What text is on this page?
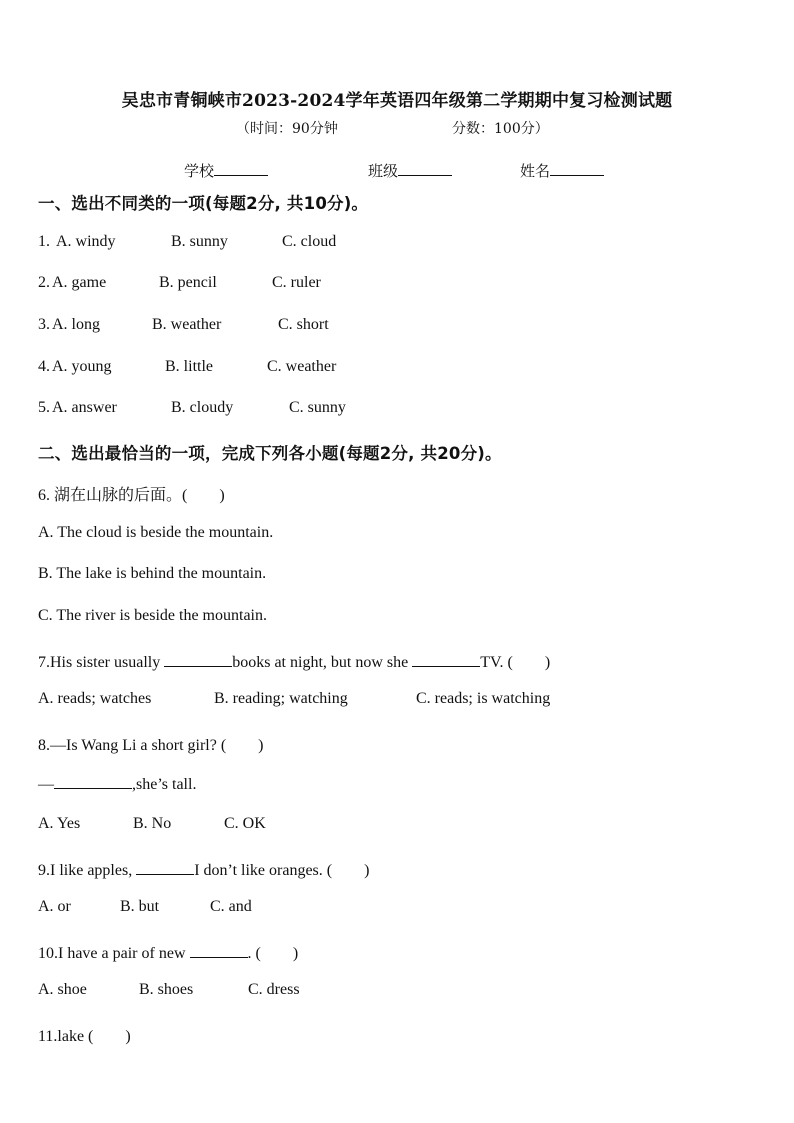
吴忠市青铜峡市2023-2024学年英语四年级第二学期期中复习检测试题
（时间：90分钟	分数：100分）
学校	班级	姓名
一、选出不同类的一项(每题2分, 共10分)。
1. A. windy	B. sunny	C. cloud
2. A. game	B. pencil	C. ruler
3. A. long	B. weather	C. short
4. A. young	B. little	C. weather
5. A. answer	B. cloudy	C. sunny
二、选出最恰当的一项，完成下列各小题(每题2分, 共20分)。
6. 湖在山脉的后面。(　　)
A. The cloud is beside the mountain.
B. The lake is behind the mountain.
C. The river is beside the mountain.
7.His sister usually	books at night, but now she	TV. (　　)
A. reads; watches	B. reading; watching	C. reads; is watching
8.—Is Wang Li a short girl? (　　)
—	,she’s tall.
A. Yes	B. No	C. OK
9.I like apples,	I don’t like oranges. (　　)
A. or	B. but	C. and
10.I have a pair of new	. (　　)
A. shoe	B. shoes	C. dress
11.lake (　　)
